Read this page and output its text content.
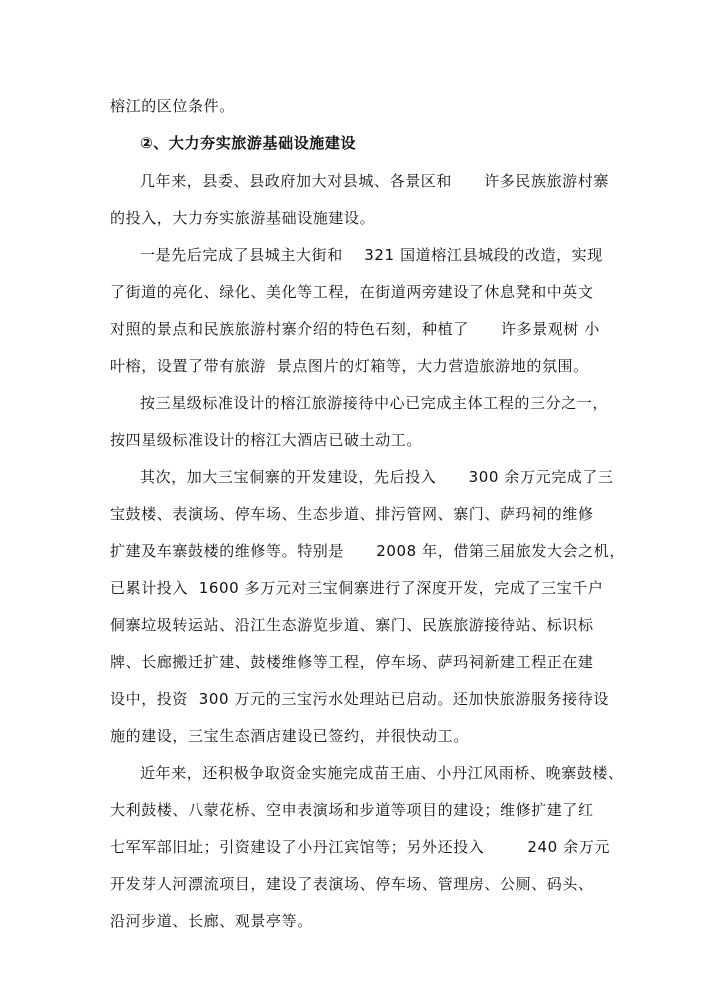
榕江的区位条件。
②、大力夯实旅游基础设施建设
几年来，县委、县政府加大对县城、各景区和      许多民族旅游村寨
的投入，大力夯实旅游基础设施建设。
一是先后完成了县城主大街和    321 国道榕江县城段的改造，实现
了街道的亮化、绿化、美化等工程，在街道两旁建设了休息凳和中英文
对照的景点和民族旅游村寨介绍的特色石刻，种植了      许多景观树 小
叶榕，设置了带有旅游  景点图片的灯箱等，大力营造旅游地的氛围。
按三星级标准设计的榕江旅游接待中心已完成主体工程的三分之一，
按四星级标准设计的榕江大酒店已破土动工。
其次，加大三宝侗寨的开发建设，先后投入      300 余万元完成了三
宝鼓楼、表演场、停车场、生态步道、排污管网、寨门、萨玛祠的维修
扩建及车寨鼓楼的维修等。特别是      2008 年，借第三届旅发大会之机，
已累计投入  1600 多万元对三宝侗寨进行了深度开发，完成了三宝千户
侗寨垃圾转运站、沿江生态游览步道、寨门、民族旅游接待站、标识标
牌、长廊搬迁扩建、鼓楼维修等工程，停车场、萨玛祠新建工程正在建
设中，投资  300 万元的三宝污水处理站已启动。还加快旅游服务接待设
施的建设，三宝生态酒店建设已签约，并很快动工。
近年来，还积极争取资金实施完成苗王庙、小丹江风雨桥、晚寨鼓楼、
大利鼓楼、八蒙花桥、空申表演场和步道等项目的建设；维修扩建了红
七军军部旧址；引资建设了小丹江宾馆等；另外还投入        240 余万元
开发芽人河漂流项目，建设了表演场、停车场、管理房、公厕、码头、
沿河步道、长廊、观景亭等。
